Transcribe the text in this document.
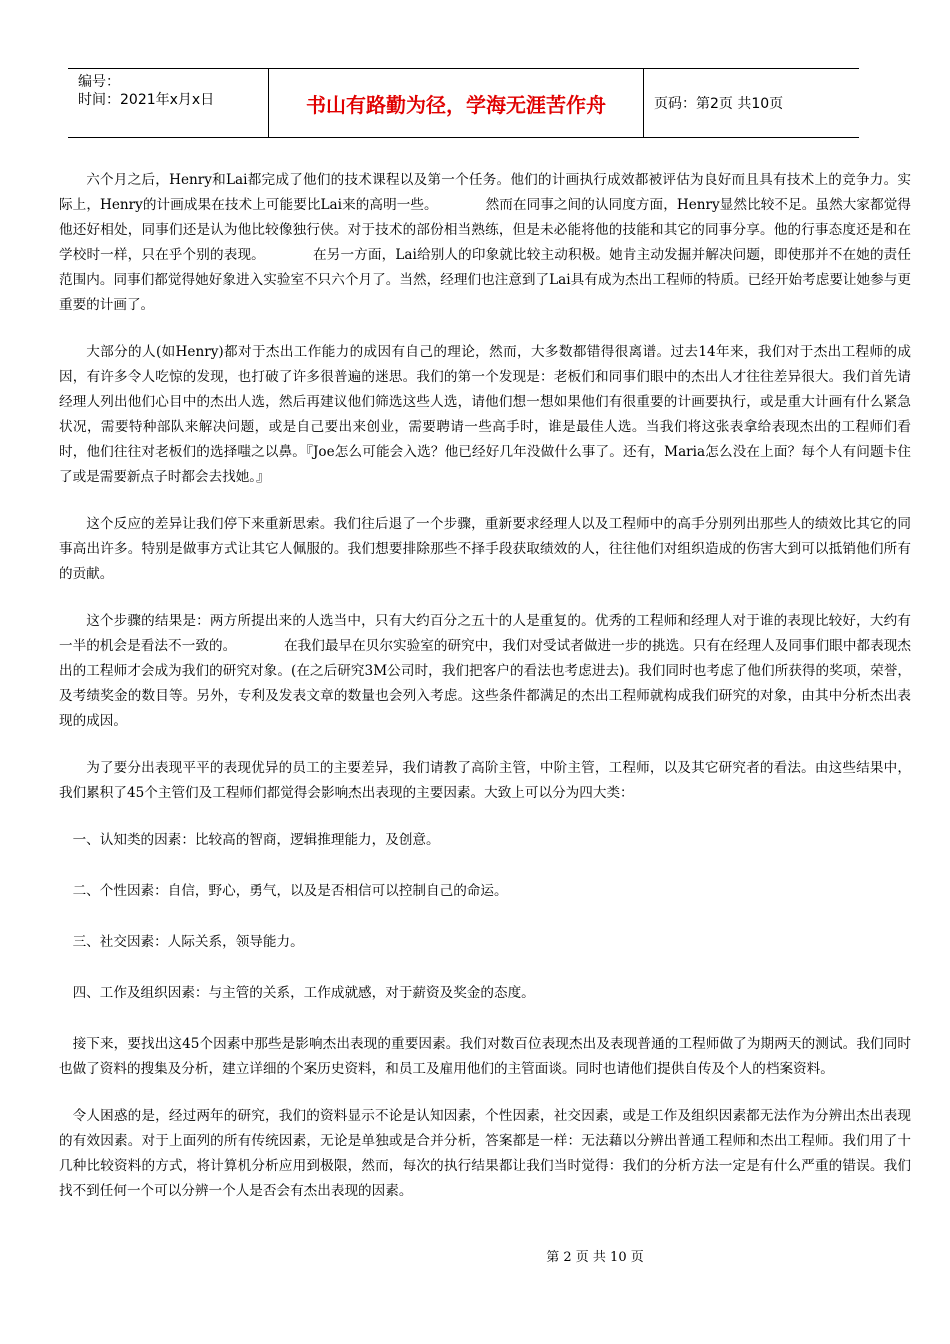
编号：
时间：2021年x月x日	书山有路勤为径，学海无涯苦作舟	页码：第2页 共10页

六个月之后，Henry和Lai都完成了他们的技术课程以及第一个任务。他们的计画执行成效都被评估为良好而且具有技术上的竞争力。实际上，Henry的计画成果在技术上可能要比Lai来的高明一些。　　　　然而在同事之间的认同度方面，Henry显然比较不足。虽然大家都觉得他还好相处，同事们还是认为他比较像独行侠。对于技术的部份相当熟练，但是未必能将他的技能和其它的同事分享。他的行事态度还是和在学校时一样，只在乎个别的表现。　　　　在另一方面，Lai给别人的印象就比较主动积极。她肯主动发掘并解决问题，即使那并不在她的责任范围内。同事们都觉得她好象进入实验室不只六个月了。当然，经理们也注意到了Lai具有成为杰出工程师的特质。已经开始考虑要让她参与更重要的计画了。

大部分的人(如Henry)都对于杰出工作能力的成因有自己的理论，然而，大多数都错得很离谱。过去14年来，我们对于杰出工程师的成因，有许多令人吃惊的发现，也打破了许多很普遍的迷思。我们的第一个发现是：老板们和同事们眼中的杰出人才往往差异很大。我们首先请经理人列出他们心目中的杰出人选，然后再建议他们筛选这些人选，请他们想一想如果他们有很重要的计画要执行，或是重大计画有什么紧急状况，需要特种部队来解决问题，或是自己要出来创业，需要聘请一些高手时，谁是最佳人选。当我们将这张表拿给表现杰出的工程师们看时，他们往往对老板们的选择嗤之以鼻。『Joe怎么可能会入选？他已经好几年没做什么事了。还有，Maria怎么没在上面？每个人有问题卡住了或是需要新点子时都会去找她。』

这个反应的差异让我们停下来重新思索。我们往后退了一个步骤，重新要求经理人以及工程师中的高手分别列出那些人的绩效比其它的同事高出许多。特别是做事方式让其它人佩服的。我们想要排除那些不择手段获取绩效的人，往往他们对组织造成的伤害大到可以抵销他们所有的贡献。

这个步骤的结果是：两方所提出来的人选当中，只有大约百分之五十的人是重复的。优秀的工程师和经理人对于谁的表现比较好，大约有一半的机会是看法不一致的。　　　　在我们最早在贝尔实验室的研究中，我们对受试者做进一步的挑选。只有在经理人及同事们眼中都表现杰出的工程师才会成为我们的研究对象。(在之后研究3M公司时，我们把客户的看法也考虑进去)。我们同时也考虑了他们所获得的奖项，荣誉，及考绩奖金的数目等。另外，专利及发表文章的数量也会列入考虑。这些条件都满足的杰出工程师就构成我们研究的对象，由其中分析杰出表现的成因。

为了要分出表现平平的表现优异的员工的主要差异，我们请教了高阶主管，中阶主管，工程师，以及其它研究者的看法。由这些结果中，我们累积了45个主管们及工程师们都觉得会影响杰出表现的主要因素。大致上可以分为四大类：

一、认知类的因素：比较高的智商，逻辑推理能力，及创意。

二、个性因素：自信，野心，勇气，以及是否相信可以控制自己的命运。

三、社交因素：人际关系，领导能力。

四、工作及组织因素：与主管的关系，工作成就感，对于薪资及奖金的态度。

接下来，要找出这45个因素中那些是影响杰出表现的重要因素。我们对数百位表现杰出及表现普通的工程师做了为期两天的测试。我们同时也做了资料的搜集及分析，建立详细的个案历史资料，和员工及雇用他们的主管面谈。同时也请他们提供自传及个人的档案资料。

令人困惑的是，经过两年的研究，我们的资料显示不论是认知因素，个性因素，社交因素，或是工作及组织因素都无法作为分辨出杰出表现的有效因素。对于上面列的所有传统因素，无论是单独或是合并分析，答案都是一样：无法藉以分辨出普通工程师和杰出工程师。我们用了十几种比较资料的方式，将计算机分析应用到极限，然而，每次的执行结果都让我们当时觉得：我们的分析方法一定是有什么严重的错误。我们找不到任何一个可以分辨一个人是否会有杰出表现的因素。

第 2 页 共 10 页
